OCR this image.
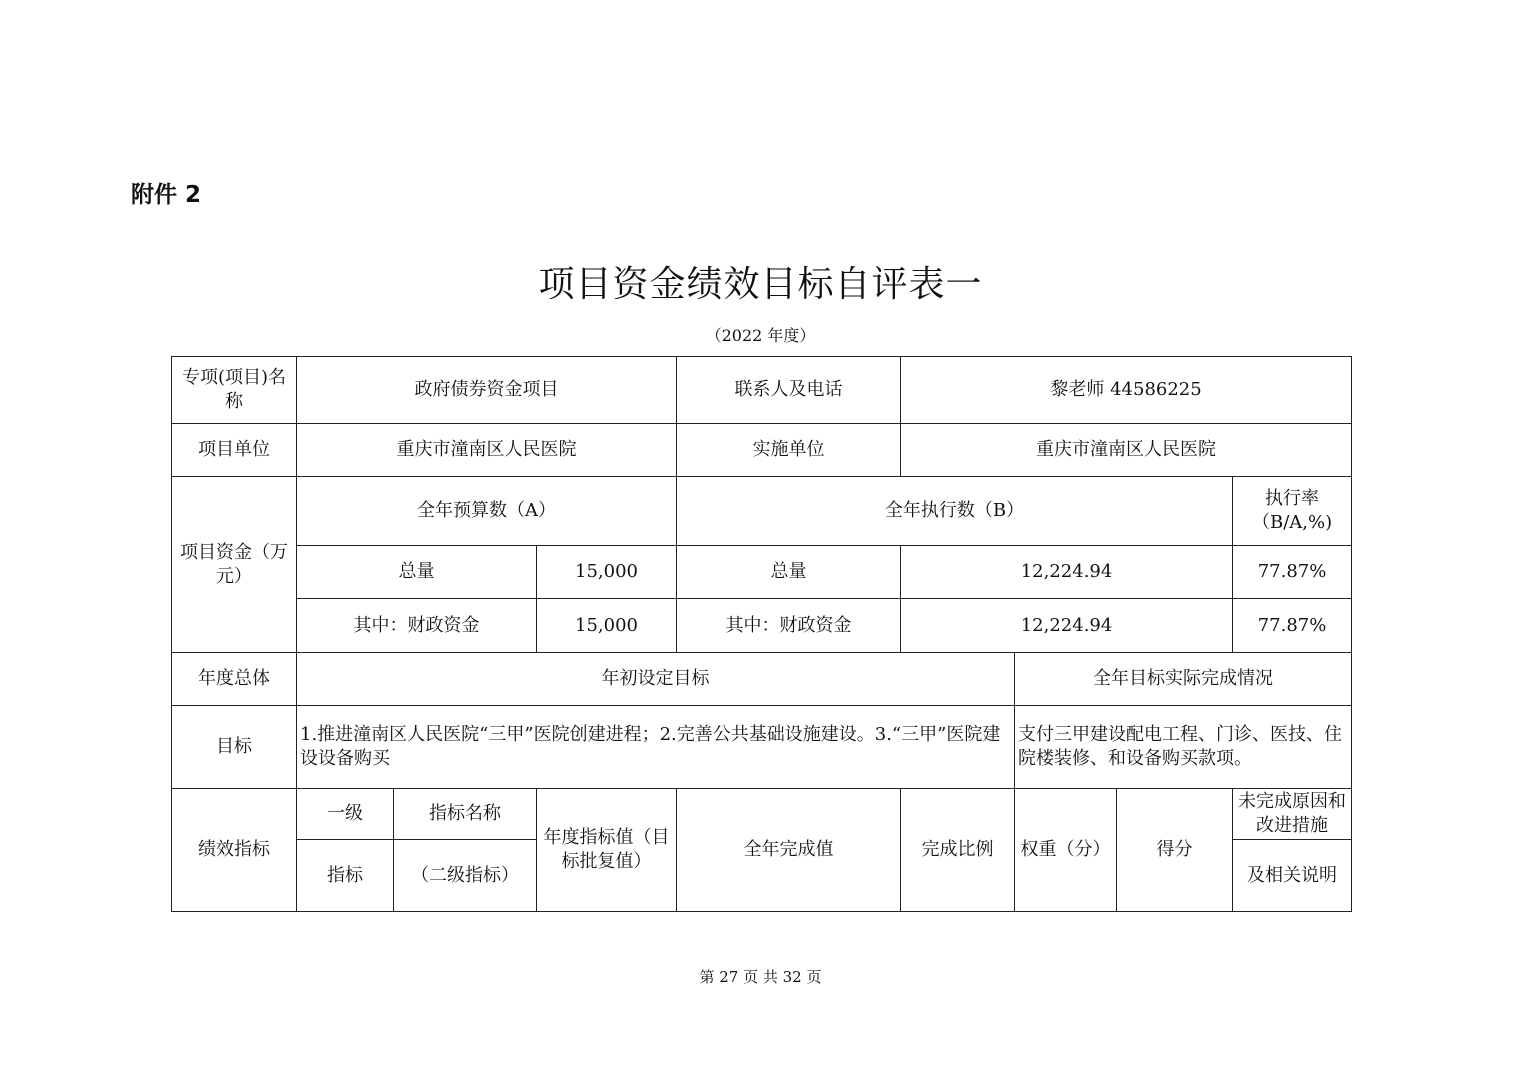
附件 2
项目资金绩效目标自评表一
（2022 年度）
专项(项目)名称	政府债券资金项目			联系人及电话	黎老师 44586225			
项目单位	重庆市潼南区人民医院			实施单位	重庆市潼南区人民医院			
项目资金（万元）	全年预算数（A）			全年执行数（B）				执行率（B/A,%)
	总量		15,000	总量	12,224.94			77.87%
	其中：财政资金		15,000	其中：财政资金	12,224.94			77.87%
年度总体	年初设定目标					全年目标实际完成情况		
目标	1.推进潼南区人民医院“三甲”医院创建进程；2.完善公共基础设施建设。3.“三甲”医院建设设备购买					支付三甲建设配电工程、门诊、医技、住院楼装修、和设备购买款项。		
绩效指标	一级	指标名称	年度指标值（目标批复值）	全年完成值	完成比例	权重（分）	得分	未完成原因和改进措施
	指标	（二级指标）						及相关说明
第 27 页 共 32 页
